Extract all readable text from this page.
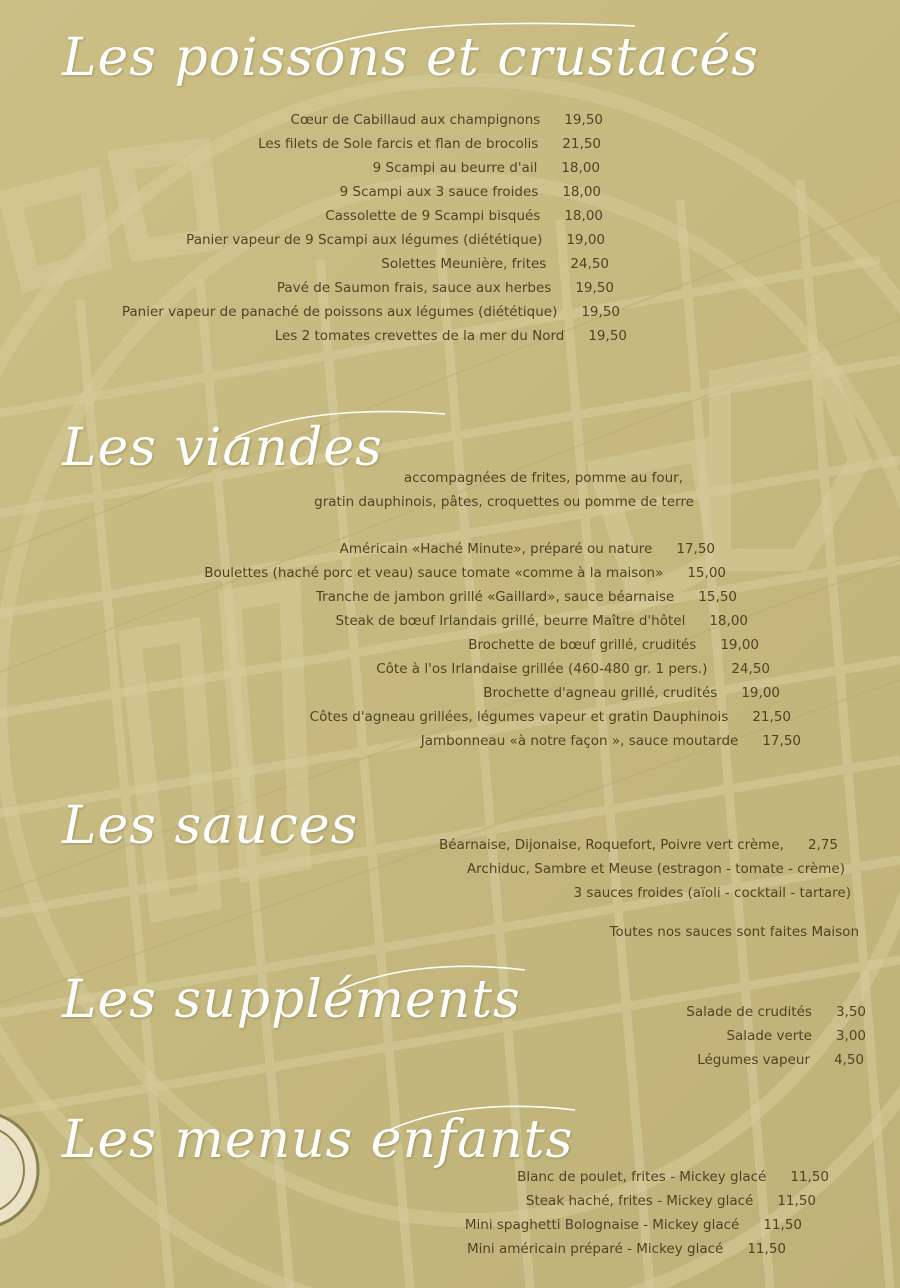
Les poissons et crustacés
Cœur de Cabillaud aux champignons 19,50
Les filets de Sole farcis et flan de brocolis 21,50
9 Scampi au beurre d'ail 18,00
9 Scampi aux 3 sauce froides 18,00
Cassolette de 9 Scampi bisqués 18,00
Panier vapeur de 9 Scampi aux légumes (diététique) 19,00
Solettes Meunière, frites 24,50
Pavé de Saumon frais, sauce aux herbes 19,50
Panier vapeur de panaché de poissons aux légumes (diététique) 19,50
Les 2 tomates crevettes de la mer du Nord 19,50
Les viandes accompagnées de frites, pomme au four,
gratin dauphinois, pâtes, croquettes ou pomme de terre
Américain «Haché Minute», préparé ou nature 17,50
Boulettes (haché porc et veau) sauce tomate «comme à la maison» 15,00
Tranche de jambon grillé «Gaillard», sauce béarnaise 15,50
Steak de bœuf Irlandais grillé, beurre Maître d'hôtel 18,00
Brochette de bœuf grillé, crudités 19,00
Côte à l'os Irlandaise grillée (460-480 gr. 1 pers.) 24,50
Brochette d'agneau grillé, crudités 19,00
Côtes d'agneau grillées, légumes vapeur et gratin Dauphinois 21,50
Jambonneau «à notre façon », sauce moutarde 17,50
Les sauces	Béarnaise, Dijonaise, Roquefort, Poivre vert crème, 2,75
Archiduc, Sambre et Meuse (estragon - tomate - crème)
3 sauces froides (aïoli - cocktail - tartare)
Toutes nos sauces sont faites Maison
Les suppléments	Salade de crudités 3,50
Salade verte 3,00
Légumes vapeur 4,50
Les menus enfants
Blanc de poulet, frites - Mickey glacé 11,50
Steak haché, frites - Mickey glacé 11,50
Mini spaghetti Bolognaise - Mickey glacé 11,50
Mini américain préparé - Mickey glacé 11,50
